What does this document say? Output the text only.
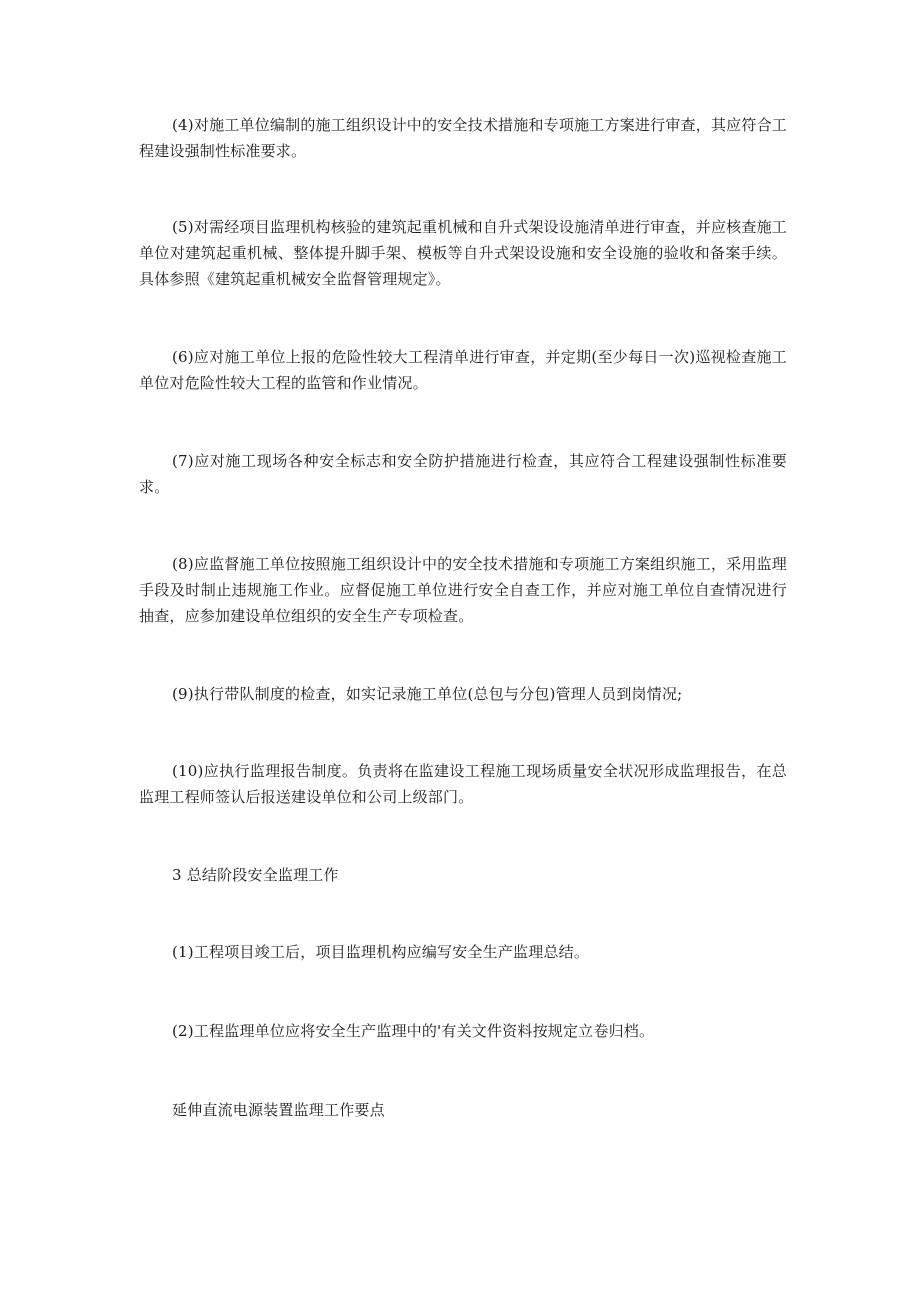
(4)对施工单位编制的施工组织设计中的安全技术措施和专项施工方案进行审查，其应符合工程建设强制性标准要求。

(5)对需经项目监理机构核验的建筑起重机械和自升式架设设施清单进行审查，并应核查施工单位对建筑起重机械、整体提升脚手架、模板等自升式架设设施和安全设施的验收和备案手续。具体参照《建筑起重机械安全监督管理规定》。

(6)应对施工单位上报的危险性较大工程清单进行审查，并定期(至少每日一次)巡视检查施工单位对危险性较大工程的监管和作业情况。

(7)应对施工现场各种安全标志和安全防护措施进行检查，其应符合工程建设强制性标准要求。

(8)应监督施工单位按照施工组织设计中的安全技术措施和专项施工方案组织施工，采用监理手段及时制止违规施工作业。应督促施工单位进行安全自查工作，并应对施工单位自查情况进行抽查，应参加建设单位组织的安全生产专项检查。

(9)执行带队制度的检查，如实记录施工单位(总包与分包)管理人员到岗情况;

(10)应执行监理报告制度。负责将在监建设工程施工现场质量安全状况形成监理报告，在总监理工程师签认后报送建设单位和公司上级部门。

3 总结阶段安全监理工作

(1)工程项目竣工后，项目监理机构应编写安全生产监理总结。

(2)工程监理单位应将安全生产监理中的'有关文件资料按规定立卷归档。

延伸直流电源装置监理工作要点
